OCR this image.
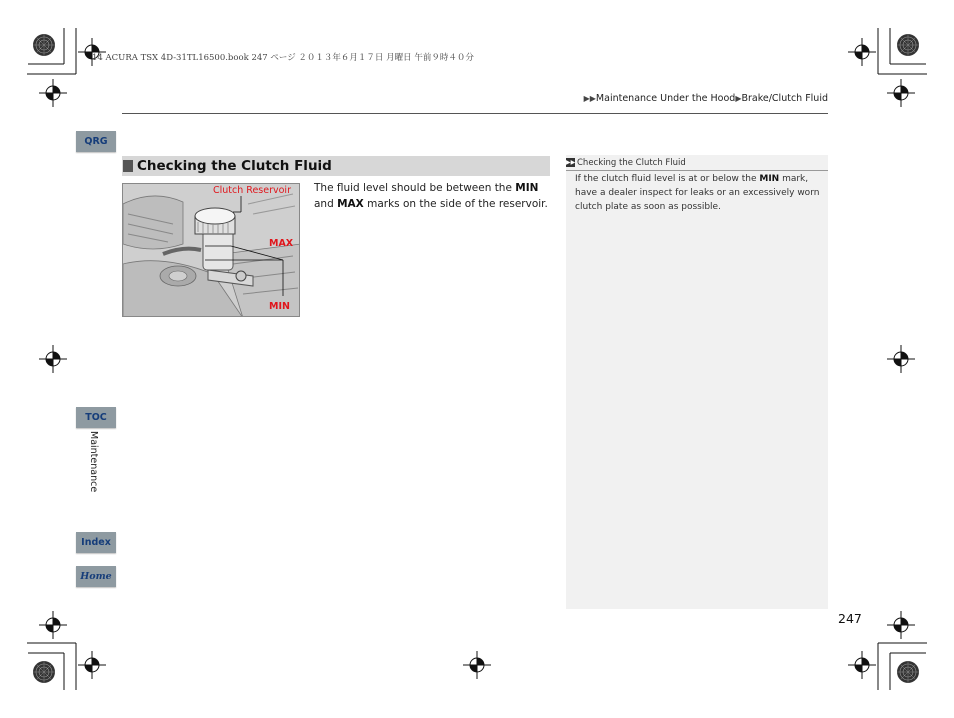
14 ACURA TSX 4D-31TL16500.book 247 ページ ２０１３年６月１７日 月曜日 午前９時４０分
▶▶Maintenance Under the Hood▶Brake/Clutch Fluid
QRG
TOC
Maintenance
Index
Home
Checking the Clutch Fluid
Clutch Reservoir
MAX
MIN
The fluid level should be between the MIN and MAX marks on the side of the reservoir.
▶▶ Checking the Clutch Fluid
If the clutch fluid level is at or below the MIN mark, have a dealer inspect for leaks or an excessively worn clutch plate as soon as possible.
247
